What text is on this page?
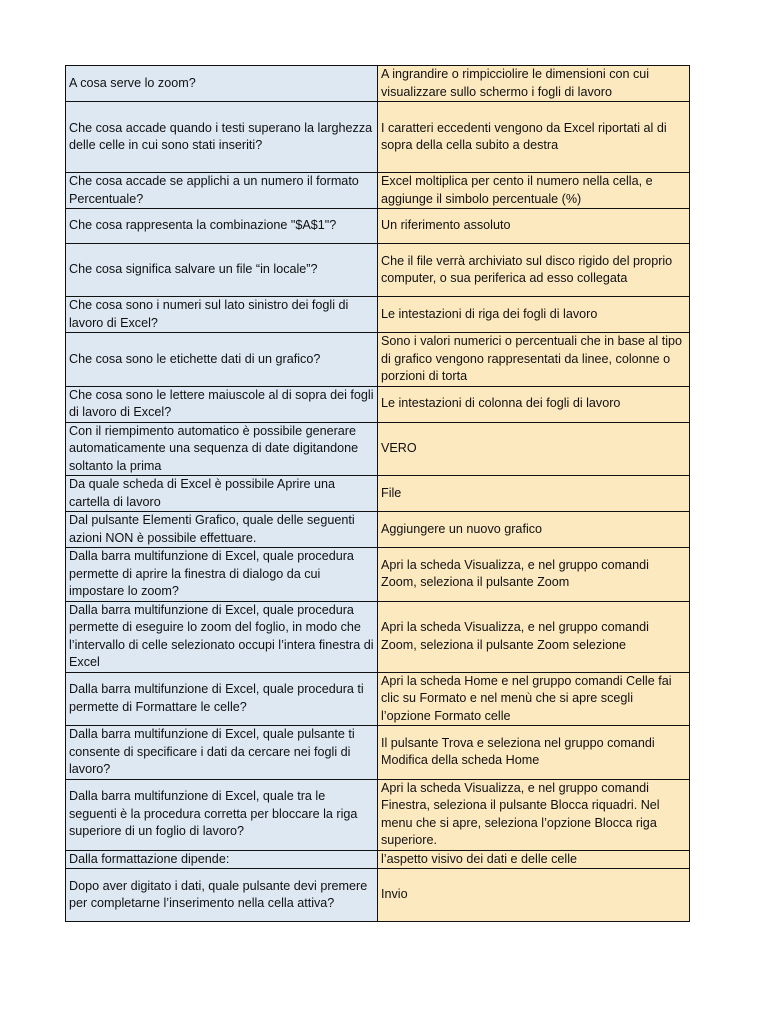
A cosa serve lo zoom?	A ingrandire o rimpicciolire le dimensioni con cui visualizzare sullo schermo i fogli di lavoro
Che cosa accade quando i testi superano la larghezza delle celle in cui sono stati inseriti?	I caratteri eccedenti vengono da Excel riportati al di sopra della cella subito a destra
Che cosa accade se applichi a un numero il formato Percentuale?	Excel moltiplica per cento il numero nella cella, e aggiunge il simbolo percentuale (%)
Che cosa rappresenta la combinazione "$A$1"?	Un riferimento assoluto
Che cosa significa salvare un file “in locale”?	Che il file verrà archiviato sul disco rigido del proprio computer, o sua periferica ad esso collegata
Che cosa sono i numeri sul lato sinistro dei fogli di lavoro di Excel?	Le intestazioni di riga dei fogli di lavoro
Che cosa sono le etichette dati di un grafico?	Sono i valori numerici o percentuali che in base al tipo di grafico vengono rappresentati da linee, colonne o porzioni di torta
Che cosa sono le lettere maiuscole al di sopra dei fogli di lavoro di Excel?	Le intestazioni di colonna dei fogli di lavoro
Con il riempimento automatico è possibile generare automaticamente una sequenza di date digitandone soltanto la prima	VERO
Da quale scheda di Excel è possibile Aprire una cartella di lavoro	File
Dal pulsante Elementi Grafico, quale delle seguenti azioni NON è possibile effettuare.	Aggiungere un nuovo grafico
Dalla barra multifunzione di Excel, quale procedura permette di aprire la finestra di dialogo da cui impostare lo zoom?	Apri la scheda Visualizza, e nel gruppo comandi Zoom, seleziona il pulsante Zoom
Dalla barra multifunzione di Excel, quale procedura permette di eseguire lo zoom del foglio, in modo che l’intervallo di celle selezionato occupi l’intera finestra di Excel	Apri la scheda Visualizza, e nel gruppo comandi Zoom, seleziona il pulsante Zoom selezione
Dalla barra multifunzione di Excel, quale procedura ti permette di Formattare le celle?	Apri la scheda Home e nel gruppo comandi Celle fai clic su Formato e nel menù che si apre scegli l’opzione Formato celle
Dalla barra multifunzione di Excel, quale pulsante ti consente di specificare i dati da cercare nei fogli di lavoro?	Il pulsante Trova e seleziona nel gruppo comandi Modifica della scheda Home
Dalla barra multifunzione di Excel, quale tra le seguenti è la procedura corretta per bloccare la riga superiore di un foglio di lavoro?	Apri la scheda Visualizza, e nel gruppo comandi Finestra, seleziona il pulsante Blocca riquadri. Nel menu che si apre, seleziona l’opzione Blocca riga superiore.
Dalla formattazione dipende:	l’aspetto visivo dei dati e delle celle
Dopo aver digitato i dati, quale pulsante devi premere per completarne l’inserimento nella cella attiva?	Invio
